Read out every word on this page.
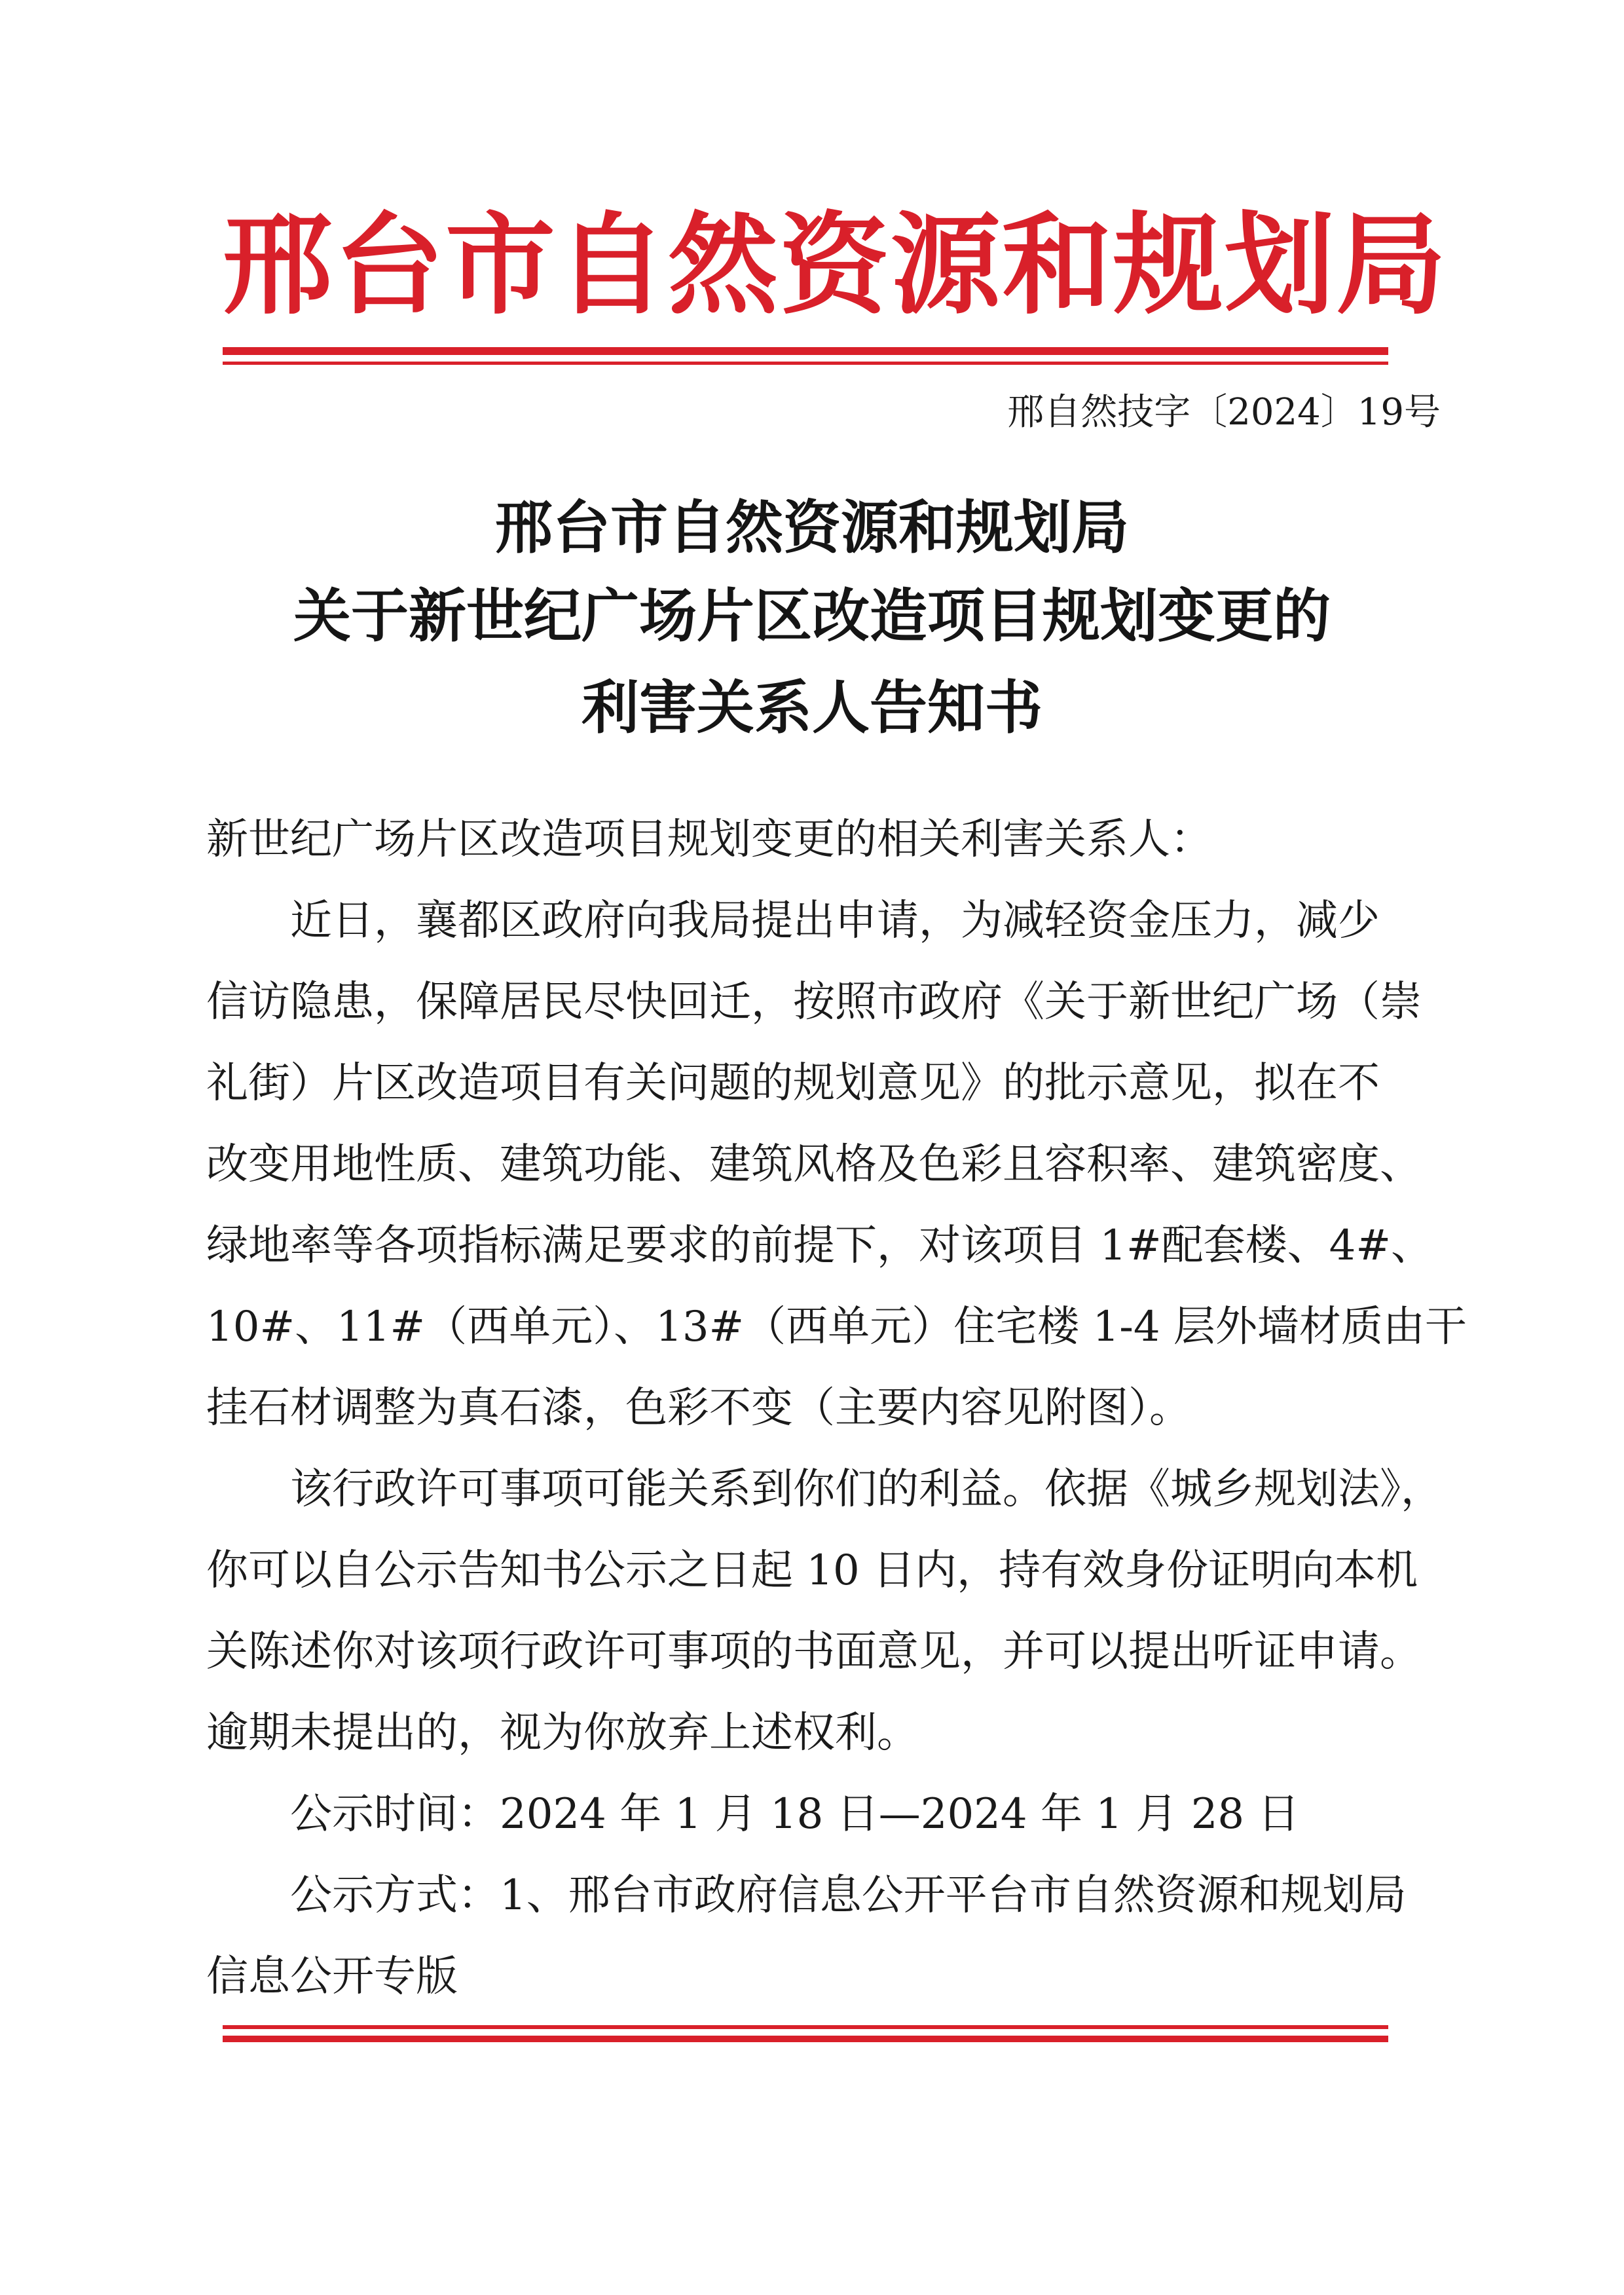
邢台市自然资源和规划局
邢自然技字〔2024〕19号
邢台市自然资源和规划局
关于新世纪广场片区改造项目规划变更的
利害关系人告知书
新世纪广场片区改造项目规划变更的相关利害关系人：
近日，襄都区政府向我局提出申请，为减轻资金压力，减少
信访隐患，保障居民尽快回迁，按照市政府《关于新世纪广场（崇
礼街）片区改造项目有关问题的规划意见》的批示意见，拟在不
改变用地性质、建筑功能、建筑风格及色彩且容积率、建筑密度、
绿地率等各项指标满足要求的前提下，对该项目 1#配套楼、4#、
10#、11#（西单元）、13#（西单元）住宅楼 1-4 层外墙材质由干
挂石材调整为真石漆，色彩不变（主要内容见附图）。
该行政许可事项可能关系到你们的利益。依据《城乡规划法》，
你可以自公示告知书公示之日起 10 日内，持有效身份证明向本机
关陈述你对该项行政许可事项的书面意见，并可以提出听证申请。
逾期未提出的，视为你放弃上述权利。
公示时间：2024 年 1 月 18 日—2024 年 1 月 28 日
公示方式：1、邢台市政府信息公开平台市自然资源和规划局
信息公开专版
